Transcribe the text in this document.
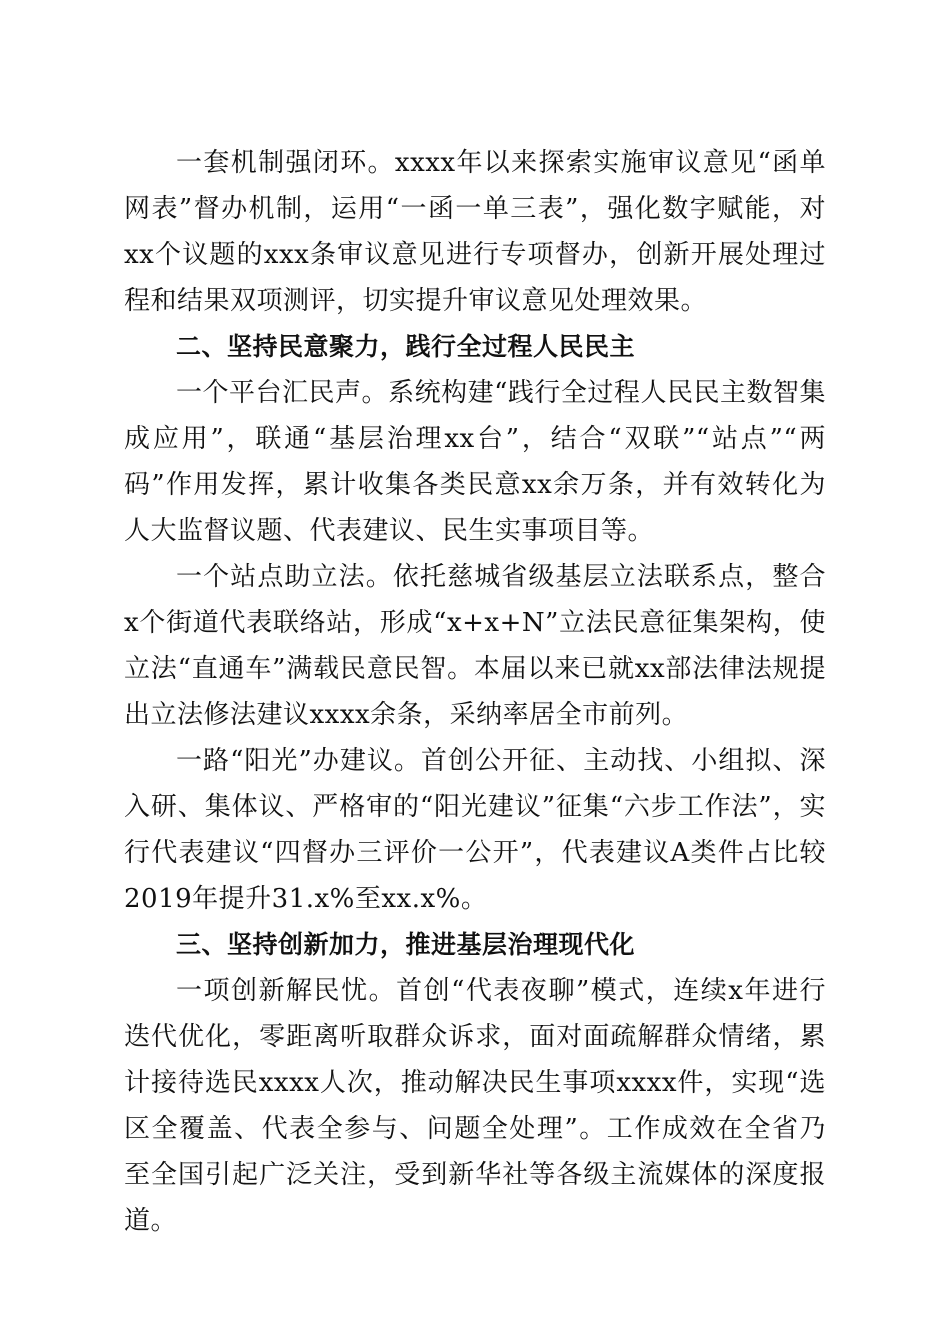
一套机制强闭环。xxxx年以来探索实施审议意见“函单网表”督办机制，运用“一函一单三表”，强化数字赋能，对xx个议题的xxx条审议意见进行专项督办，创新开展处理过程和结果双项测评，切实提升审议意见处理效果。

二、坚持民意聚力，践行全过程人民民主

一个平台汇民声。系统构建“践行全过程人民民主数智集成应用”，联通“基层治理xx台”，结合“双联”“站点”“两码”作用发挥，累计收集各类民意xx余万条，并有效转化为人大监督议题、代表建议、民生实事项目等。

一个站点助立法。依托慈城省级基层立法联系点，整合x个街道代表联络站，形成“x+x+N”立法民意征集架构，使立法“直通车”满载民意民智。本届以来已就xx部法律法规提出立法修法建议xxxx余条，采纳率居全市前列。

一路“阳光”办建议。首创公开征、主动找、小组拟、深入研、集体议、严格审的“阳光建议”征集“六步工作法”，实行代表建议“四督办三评价一公开”，代表建议A类件占比较2019年提升31.x%至xx.x%。

三、坚持创新加力，推进基层治理现代化

一项创新解民忧。首创“代表夜聊”模式，连续x年进行迭代优化，零距离听取群众诉求，面对面疏解群众情绪，累计接待选民xxxx人次，推动解决民生事项xxxx件，实现“选区全覆盖、代表全参与、问题全处理”。工作成效在全省乃至全国引起广泛关注，受到新华社等各级主流媒体的深度报道。
